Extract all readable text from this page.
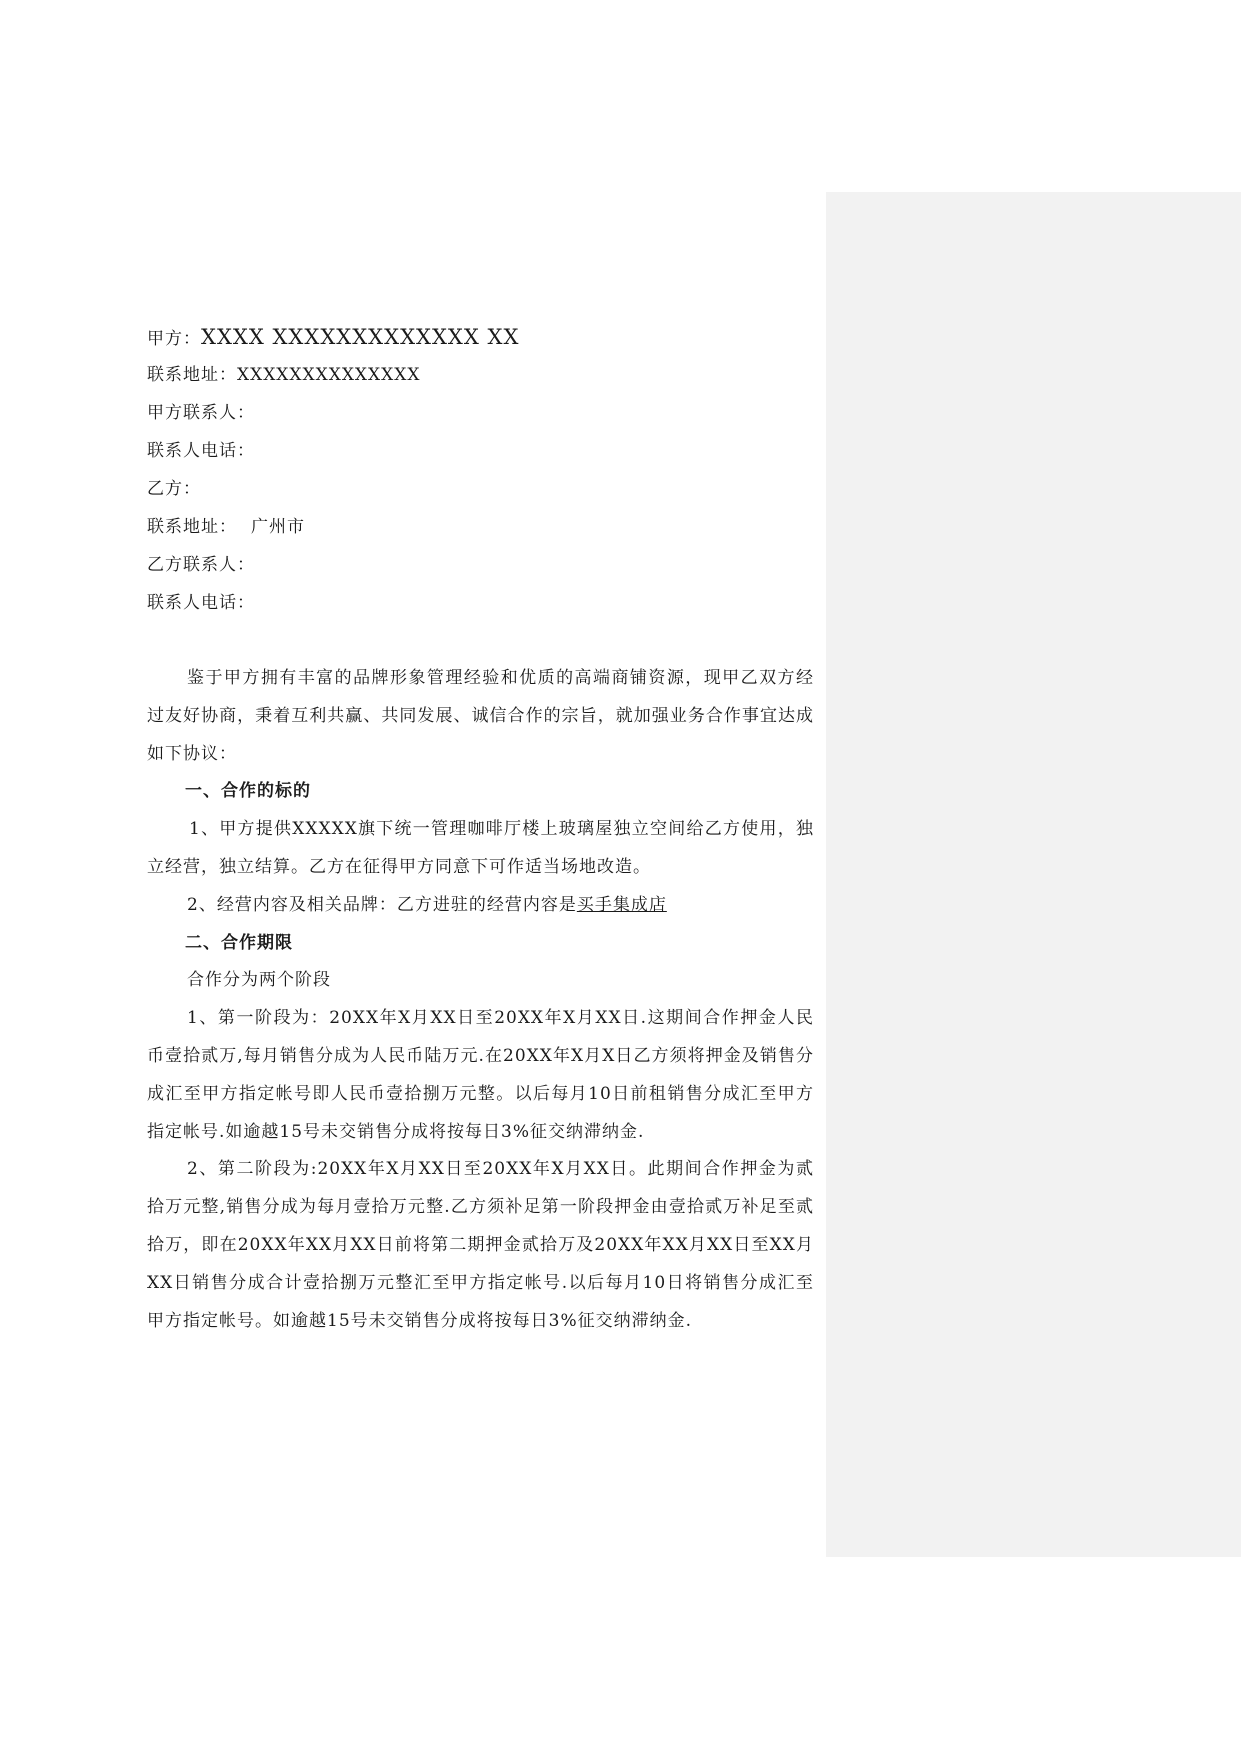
甲方：XXXX XXXXXXXXXXXXX XX
联系地址：XXXXXXXXXXXXXX
甲方联系人：
联系人电话：
乙方：
联系地址： 广州市
乙方联系人：
联系人电话：

鉴于甲方拥有丰富的品牌形象管理经验和优质的高端商铺资源，现甲乙双方经过友好协商，秉着互利共赢、共同发展、诚信合作的宗旨，就加强业务合作事宜达成如下协议：

一、合作的标的

1、甲方提供XXXXX旗下统一管理咖啡厅楼上玻璃屋独立空间给乙方使用，独立经营，独立结算。乙方在征得甲方同意下可作适当场地改造。

2、经营内容及相关品牌：乙方进驻的经营内容是买手集成店

二、合作期限

合作分为两个阶段

1、第一阶段为：20XX年X月XX日至20XX年X月XX日.这期间合作押金人民币壹拾贰万,每月销售分成为人民币陆万元.在20XX年X月X日乙方须将押金及销售分成汇至甲方指定帐号即人民币壹拾捌万元整。以后每月10日前租销售分成汇至甲方指定帐号.如逾越15号未交销售分成将按每日3%征交纳滞纳金.

2、第二阶段为:20XX年X月XX日至20XX年X月XX日。此期间合作押金为贰拾万元整,销售分成为每月壹拾万元整.乙方须补足第一阶段押金由壹拾贰万补足至贰拾万，即在20XX年XX月XX日前将第二期押金贰拾万及20XX年XX月XX日至XX月XX日销售分成合计壹拾捌万元整汇至甲方指定帐号.以后每月10日将销售分成汇至甲方指定帐号。如逾越15号未交销售分成将按每日3%征交纳滞纳金.
